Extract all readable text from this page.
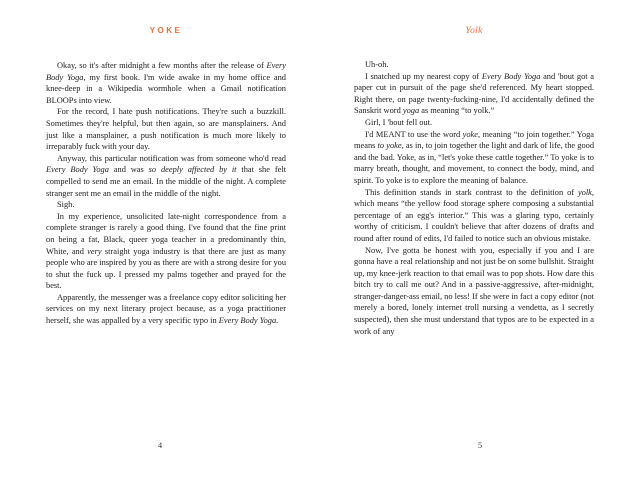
YOKE

Okay, so it's after midnight a few months after the release of Every Body Yoga, my first book. I'm wide awake in my home office and knee-deep in a Wikipedia wormhole when a Gmail notification BLOOPs into view.

For the record, I hate push notifications. They're such a buzzkill. Sometimes they're helpful, but then again, so are mansplainers. And just like a mansplainer, a push notification is much more likely to irreparably fuck with your day.

Anyway, this particular notification was from someone who'd read Every Body Yoga and was so deeply affected by it that she felt compelled to send me an email. In the middle of the night. A complete stranger sent me an email in the middle of the night.

Sigh.

In my experience, unsolicited late-night correspondence from a complete stranger is rarely a good thing. I've found that the fine print on being a fat, Black, queer yoga teacher in a predominantly thin, White, and very straight yoga industry is that there are just as many people who are inspired by you as there are with a strong desire for you to shut the fuck up. I pressed my palms together and prayed for the best.

Apparently, the messenger was a freelance copy editor soliciting her services on my next literary project because, as a yoga practitioner herself, she was appalled by a very specific typo in Every Body Yoga.

4
Yolk

Uh-oh.

I snatched up my nearest copy of Every Body Yoga and 'bout got a paper cut in pursuit of the page she'd referenced. My heart stopped. Right there, on page twenty-fucking-nine, I'd accidentally defined the Sanskrit word yoga as meaning “to yolk.”

Girl, I 'bout fell out.

I'd MEANT to use the word yoke, meaning “to join together.” Yoga means to yoke, as in, to join together the light and dark of life, the good and the bad. Yoke, as in, “let's yoke these cattle together.” To yoke is to marry breath, thought, and movement, to connect the body, mind, and spirit. To yoke is to explore the meaning of balance.

This definition stands in stark contrast to the definition of yolk, which means “the yellow food storage sphere composing a substantial percentage of an egg's interior.” This was a glaring typo, certainly worthy of criticism. I couldn't believe that after dozens of drafts and round after round of edits, I'd failed to notice such an obvious mistake.

Now, I've gotta be honest with you, especially if you and I are gonna have a real relationship and not just be on some bullshit. Straight up, my knee-jerk reaction to that email was to pop shots. How dare this bitch try to call me out? And in a passive-aggressive, after-midnight, stranger-danger-ass email, no less! If she were in fact a copy editor (not merely a bored, lonely internet troll nursing a vendetta, as I secretly suspected), then she must understand that typos are to be expected in a work of any

5
